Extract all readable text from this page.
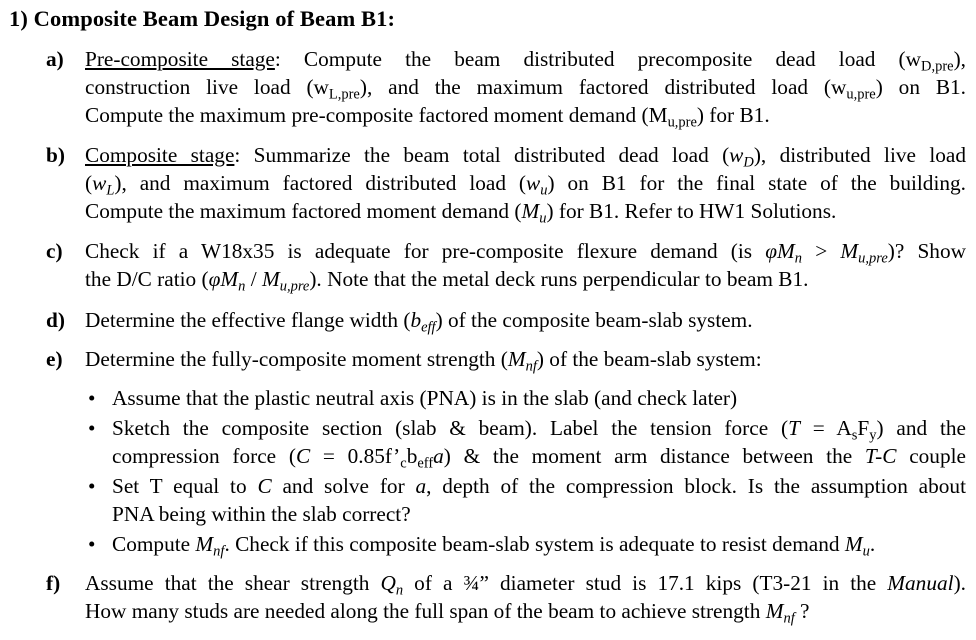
1) Composite Beam Design of Beam B1:
a) Pre-composite stage: Compute the beam distributed precomposite dead load $(w_{D,pre})$,
construction live load $(w_{L,pre})$, and the maximum factored distributed load $(w_{u,pre})$ on B1.
Compute the maximum pre-composite factored moment demand $(M_{u,pre})$ for B1.
b) Composite stage: Summarize the beam total distributed dead load $(w_D)$, distributed live load
$(w_L)$, and maximum factored distributed load $(w_u)$ on B1 for the final state of the building.
Compute the maximum factored moment demand $(M_u)$ for B1. Refer to HW1 Solutions.
c) Check if a W18x35 is adequate for pre-composite flexure demand (is $\varphi M_n > M_{u,pre}$)? Show
the D/C ratio $(\varphi M_n / M_{u,pre})$. Note that the metal deck runs perpendicular to beam B1.
d) Determine the effective flange width $(b_{eff})$ of the composite beam-slab system.
e) Determine the fully-composite moment strength $(M_{nf})$ of the beam-slab system:
• Assume that the plastic neutral axis (PNA) is in the slab (and check later)
• Sketch the composite section (slab & beam). Label the tension force $(T = A_sF_y)$ and the
compression force $(C = 0.85f’_cb_{eff}a)$ & the moment arm distance between the T-C couple
• Set T equal to C and solve for a, depth of the compression block. Is the assumption about
PNA being within the slab correct?
• Compute $M_{nf}$. Check if this composite beam-slab system is adequate to resist demand $M_u$.
f) Assume that the shear strength $Q_n$ of a ¾” diameter stud is 17.1 kips (T3-21 in the Manual).
How many studs are needed along the full span of the beam to achieve strength $M_{nf}$ ?
